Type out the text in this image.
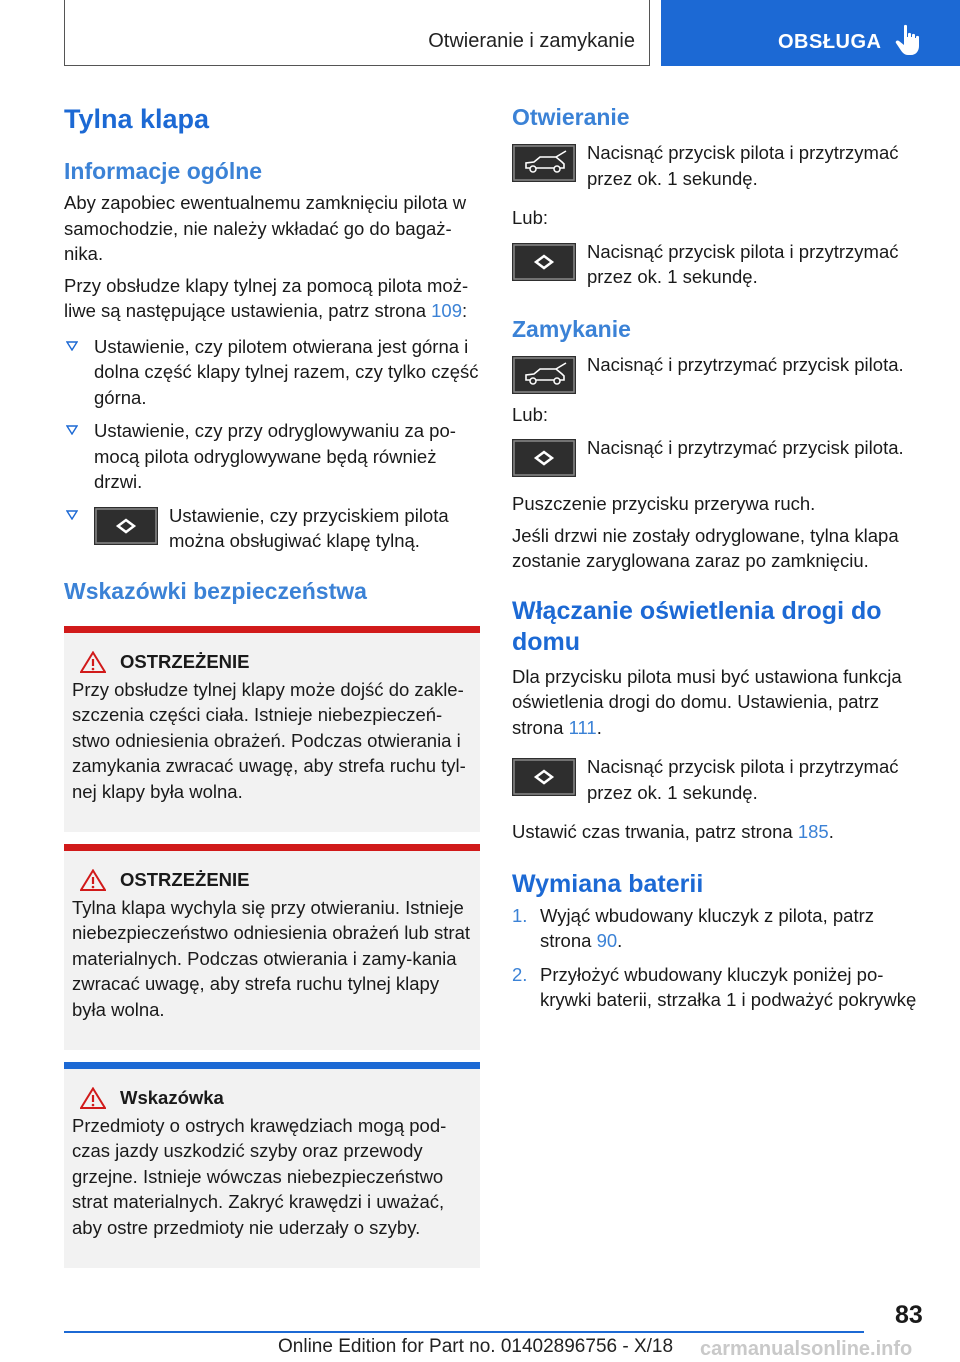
Otwieranie i zamykanie	OBSŁUGA
Tylna klapa
Informacje ogólne

Aby zapobiec ewentualnemu zamknięciu pilota w samochodzie, nie należy wkładać go do bagaż-nika.

Przy obsłudze klapy tylnej za pomocą pilota moż-liwe są następujące ustawienia, patrz strona 109:

Ustawienie, czy pilotem otwierana jest górna i dolna część klapy tylnej razem, czy tylko część górna.
Ustawienie, czy przy odryglowywaniu za po-mocą pilota odryglowywane będą również drzwi.
Ustawienie, czy przyciskiem pilota można obsługiwać klapę tylną.
Wskazówki bezpieczeństwa
OSTRZEŻENIE

Przy obsłudze tylnej klapy może dojść do zakle-szczenia części ciała. Istnieje niebezpieczeń-stwo odniesienia obrażeń. Podczas otwierania i zamykania zwracać uwagę, aby strefa ruchu tyl-nej klapy była wolna.

OSTRZEŻENIE

Tylna klapa wychyla się przy otwieraniu. Istnieje niebezpieczeństwo odniesienia obrażeń lub strat materialnych. Podczas otwierania i zamy-kania zwracać uwagę, aby strefa ruchu tylnej klapy była wolna.

Wskazówka

Przedmioty o ostrych krawędziach mogą pod-czas jazdy uszkodzić szyby oraz przewody grzejne. Istnieje wówczas niebezpieczeństwo strat materialnych. Zakryć krawędzi i uważać, aby ostre przedmioty nie uderzały o szyby.

Otwieranie

Nacisnąć przycisk pilota i przytrzymać przez ok. 1 sekundę.

Lub:

Nacisnąć przycisk pilota i przytrzymać przez ok. 1 sekundę.

Zamykanie

Nacisnąć i przytrzymać przycisk pilota.

Lub:

Nacisnąć i przytrzymać przycisk pilota.

Puszczenie przycisku przerywa ruch.

Jeśli drzwi nie zostały odryglowane, tylna klapa zostanie zaryglowana zaraz po zamknięciu.

Włączanie oświetlenia drogi do domu

Dla przycisku pilota musi być ustawiona funkcja oświetlenia drogi do domu. Ustawienia, patrz strona 111.

Nacisnąć przycisk pilota i przytrzymać przez ok. 1 sekundę.

Ustawić czas trwania, patrz strona 185.

Wymiana baterii
1. Wyjąć wbudowany kluczyk z pilota, patrz strona 90.
2. Przyłożyć wbudowany kluczyk poniżej po-krywki baterii, strzałka 1 i podważyć pokrywkę
83
Online Edition for Part no. 01402896756 - X/18 carmanualsonline.info
